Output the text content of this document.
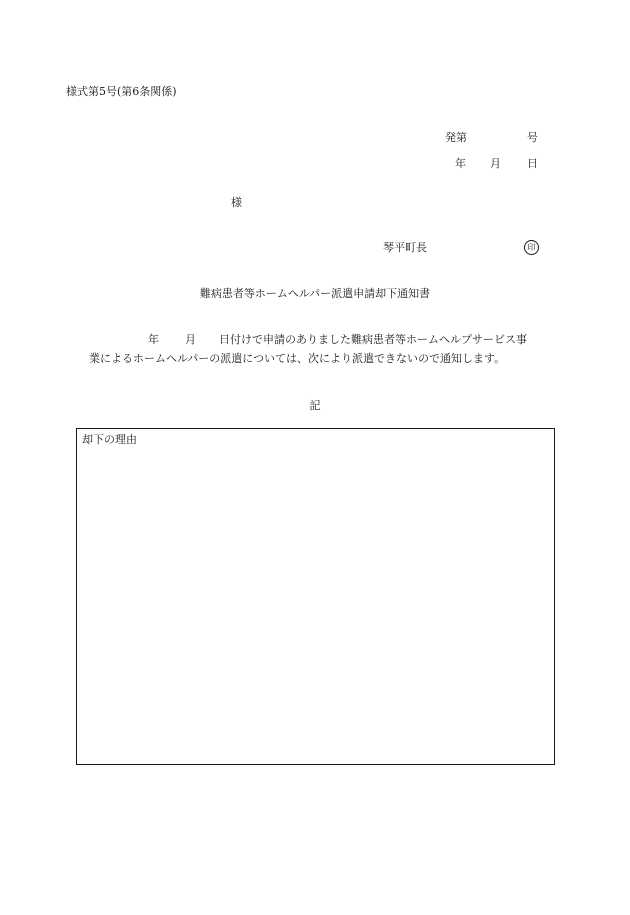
様式第5号(第6条関係)
発第	号
年 月 日
様
琴平町長	印
難病患者等ホームヘルパー派遣申請却下通知書
年 月 日付けで申請のありました難病患者等ホームヘルプサービス事
業によるホームヘルパーの派遣については、次により派遣できないので通知します。
記
却下の理由
